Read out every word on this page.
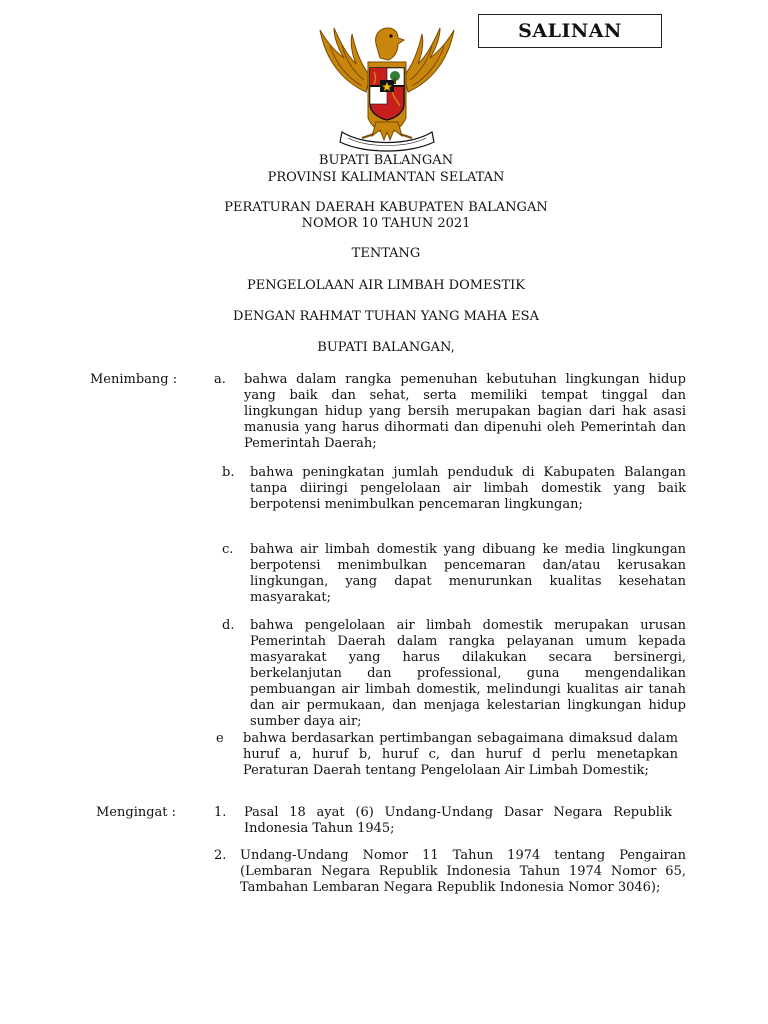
SALINAN
BUPATI BALANGAN
PROVINSI KALIMANTAN SELATAN
PERATURAN DAERAH KABUPATEN BALANGAN
NOMOR 10 TAHUN 2021
TENTANG
PENGELOLAAN AIR LIMBAH DOMESTIK
DENGAN RAHMAT TUHAN YANG MAHA ESA
BUPATI BALANGAN,
Menimbang :	a.	bahwa dalam rangka pemenuhan kebutuhan lingkungan hidup yang baik dan sehat, serta memiliki tempat tinggal dan lingkungan hidup yang bersih merupakan bagian dari hak asasi manusia yang harus dihormati dan dipenuhi oleh Pemerintah dan Pemerintah Daerah;
b.	bahwa peningkatan jumlah penduduk di Kabupaten Balangan tanpa diiringi pengelolaan air limbah domestik yang baik berpotensi menimbulkan pencemaran lingkungan;
c.	bahwa air limbah domestik yang dibuang ke media lingkungan berpotensi menimbulkan pencemaran dan/atau kerusakan lingkungan, yang dapat menurunkan kualitas kesehatan masyarakat;
d.	bahwa pengelolaan air limbah domestik merupakan urusan Pemerintah Daerah dalam rangka pelayanan umum kepada masyarakat yang harus dilakukan secara bersinergi, berkelanjutan dan professional, guna mengendalikan pembuangan air limbah domestik, melindungi kualitas air tanah dan air permukaan, dan menjaga kelestarian lingkungan hidup sumber daya air;
e	bahwa berdasarkan pertimbangan sebagaimana dimaksud dalam huruf a, huruf b, huruf c, dan huruf d perlu menetapkan Peraturan Daerah tentang Pengelolaan Air Limbah Domestik;
Mengingat :	1.	Pasal 18 ayat (6) Undang-Undang Dasar Negara Republik Indonesia Tahun 1945;
2.	Undang-Undang Nomor 11 Tahun 1974 tentang Pengairan (Lembaran Negara Republik Indonesia Tahun 1974 Nomor 65, Tambahan Lembaran Negara Republik Indonesia Nomor 3046);
